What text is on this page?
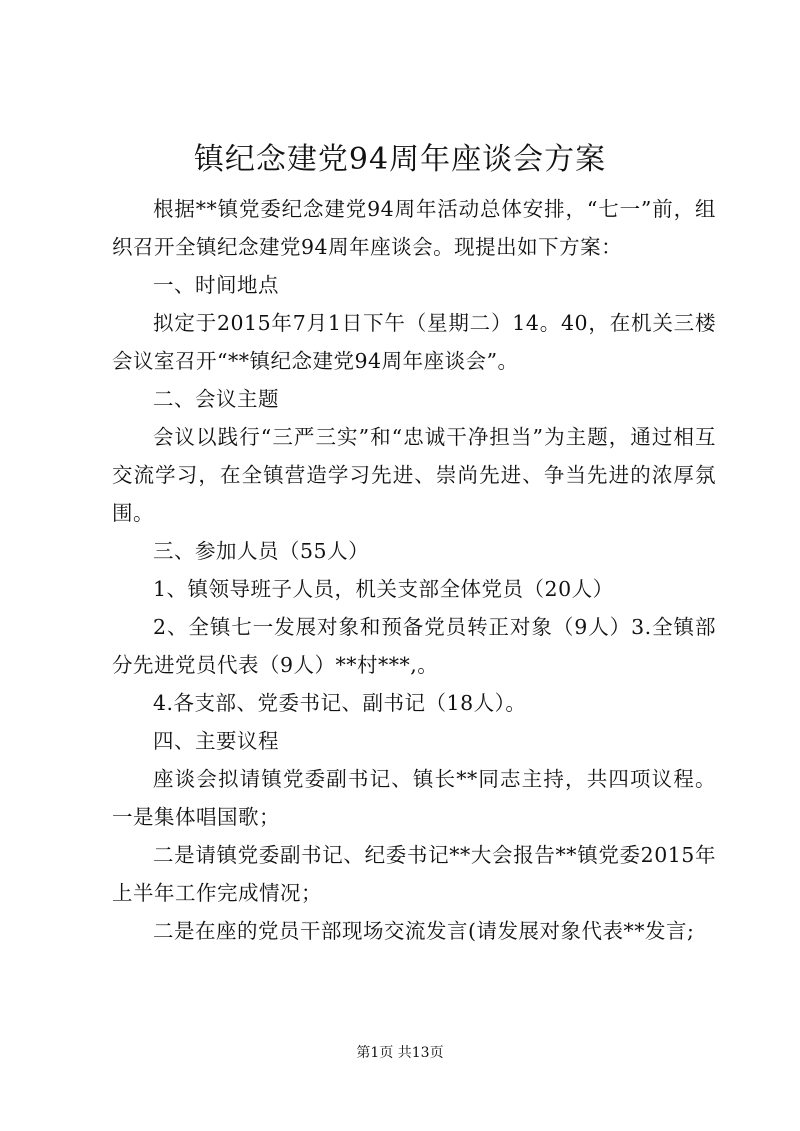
镇纪念建党94周年座谈会方案

根据**镇党委纪念建党94周年活动总体安排，“七一”前，组织召开全镇纪念建党94周年座谈会。现提出如下方案：

一、时间地点

拟定于2015年7月1日下午（星期二）14。40，在机关三楼会议室召开“**镇纪念建党94周年座谈会”。

二、会议主题

会议以践行“三严三实”和“忠诚干净担当”为主题，通过相互交流学习，在全镇营造学习先进、崇尚先进、争当先进的浓厚氛围。

三、参加人员（55人）

1、镇领导班子人员，机关支部全体党员（20人）

2、全镇七一发展对象和预备党员转正对象（9人）3.全镇部分先进党员代表（9人）**村***,。

4.各支部、党委书记、副书记（18人）。

四、主要议程

座谈会拟请镇党委副书记、镇长**同志主持，共四项议程。一是集体唱国歌；

二是请镇党委副书记、纪委书记**大会报告**镇党委2015年上半年工作完成情况；

二是在座的党员干部现场交流发言(请发展对象代表**发言;

第1页 共13页
